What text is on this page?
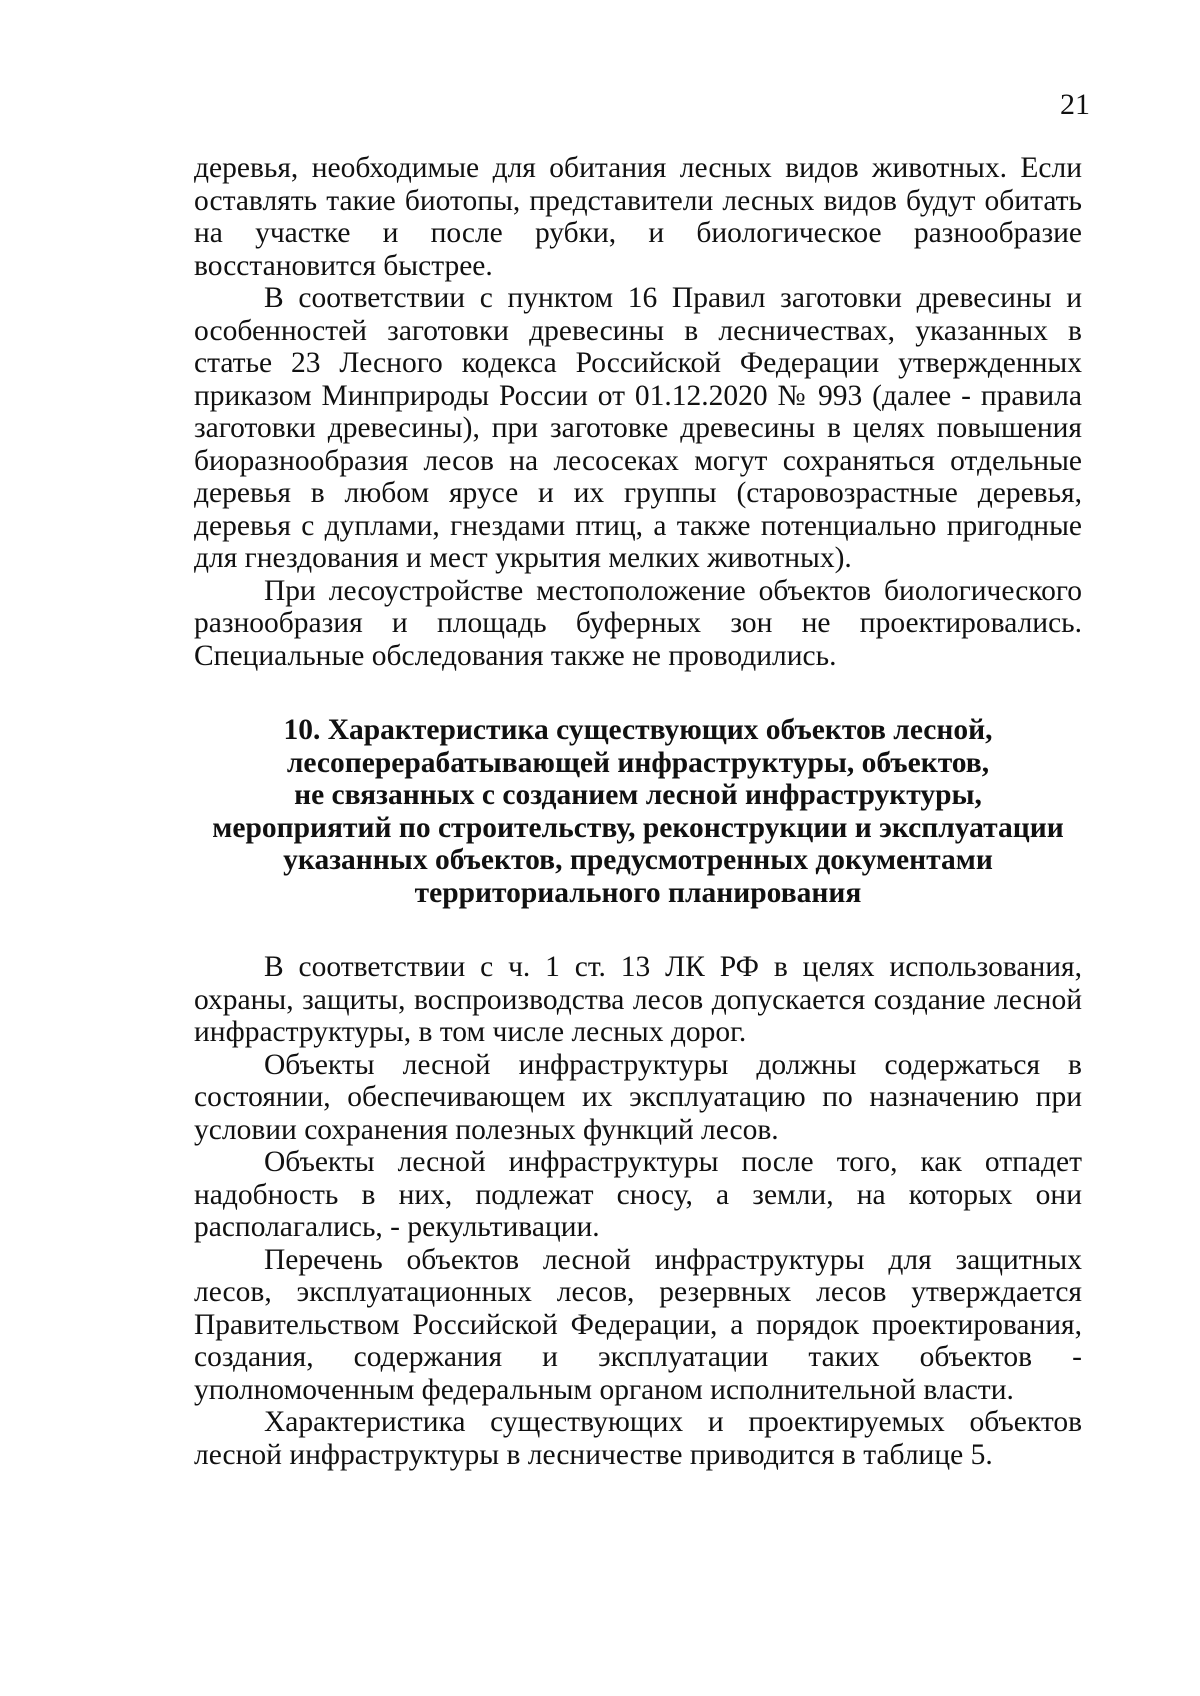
21

деревья, необходимые для обитания лесных видов животных. Если оставлять такие биотопы, представители лесных видов будут обитать на участке и после рубки, и биологическое разнообразие восстановится быстрее.

В соответствии с пунктом 16 Правил заготовки древесины и особенностей заготовки древесины в лесничествах, указанных в статье 23 Лесного кодекса Российской Федерации утвержденных приказом Минприроды России от 01.12.2020 № 993 (далее - правила заготовки древесины), при заготовке древесины в целях повышения биоразнообразия лесов на лесосеках могут сохраняться отдельные деревья в любом ярусе и их группы (старовозрастные деревья, деревья с дуплами, гнездами птиц, а также потенциально пригодные для гнездования и мест укрытия мелких животных).

При лесоустройстве местоположение объектов биологического разнообразия и площадь буферных зон не проектировались. Специальные обследования также не проводились.

10. Характеристика существующих объектов лесной,
лесоперерабатывающей инфраструктуры, объектов,
не связанных с созданием лесной инфраструктуры,
мероприятий по строительству, реконструкции и эксплуатации
указанных объектов, предусмотренных документами
территориального планирования

В соответствии с ч. 1 ст. 13 ЛК РФ в целях использования, охраны, защиты, воспроизводства лесов допускается создание лесной инфраструктуры, в том числе лесных дорог.

Объекты лесной инфраструктуры должны содержаться в состоянии, обеспечивающем их эксплуатацию по назначению при условии сохранения полезных функций лесов.

Объекты лесной инфраструктуры после того, как отпадет надобность в них, подлежат сносу, а земли, на которых они располагались, - рекультивации.

Перечень объектов лесной инфраструктуры для защитных лесов, эксплуатационных лесов, резервных лесов утверждается Правительством Российской Федерации, а порядок проектирования, создания, содержания и эксплуатации таких объектов - уполномоченным федеральным органом исполнительной власти.

Характеристика существующих и проектируемых объектов лесной инфраструктуры в лесничестве приводится в таблице 5.
